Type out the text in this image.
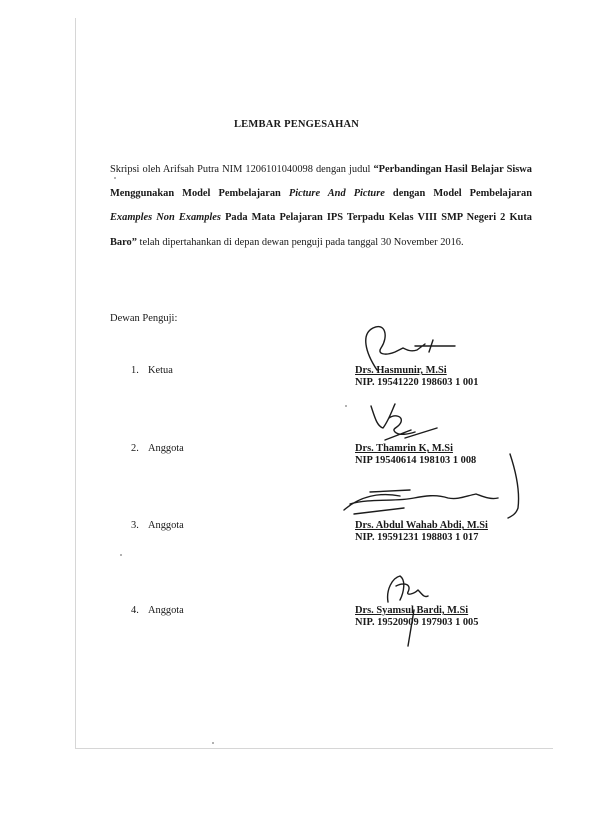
LEMBAR PENGESAHAN
Skripsi oleh Arifsah Putra NIM 1206101040098 dengan judul “Perbandingan Hasil Belajar Siswa Menggunakan Model Pembelajaran Picture And Picture dengan Model Pembelajaran Examples Non Examples Pada Mata Pelajaran IPS Terpadu Kelas VIII SMP Negeri 2 Kuta Baro” telah dipertahankan di depan dewan penguji pada tanggal 30 November 2016.
Dewan Penguji:
1. Ketua	Drs. Hasmunir, M.Si
NIP. 19541220 198603 1 001
2. Anggota	Drs. Thamrin K, M.Si
NIP 19540614 198103 1 008
3. Anggota	Drs. Abdul Wahab Abdi, M.Si
NIP. 19591231 198803 1 017
4. Anggota	Drs. Syamsul Bardi, M.Si
NIP. 19520909 197903 1 005
